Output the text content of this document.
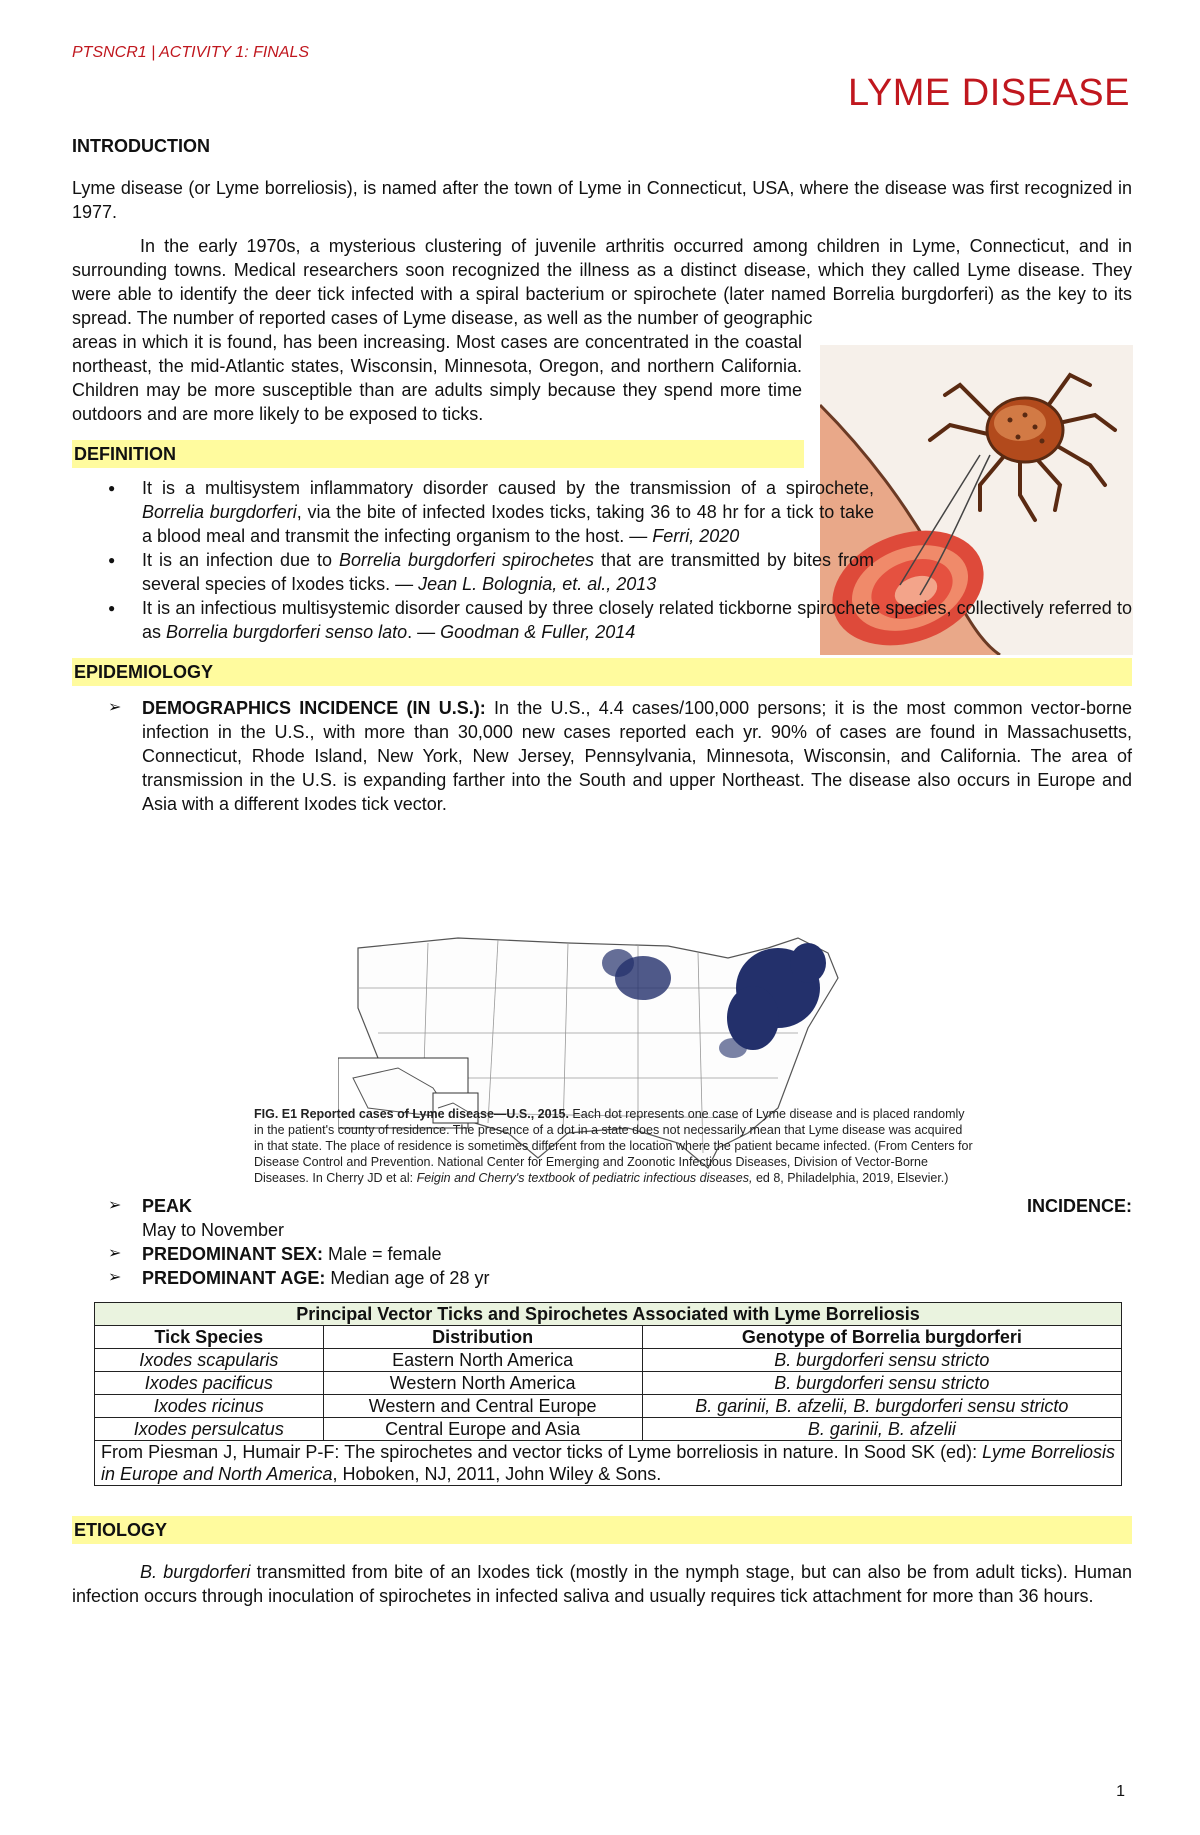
PTSNCR1 | ACTIVITY 1: FINALS
LYME DISEASE
INTRODUCTION

Lyme disease (or Lyme borreliosis), is named after the town of Lyme in Connecticut, USA, where the disease was first recognized in 1977.

In the early 1970s, a mysterious clustering of juvenile arthritis occurred among children in Lyme, Connecticut, and in surrounding towns. Medical researchers soon recognized the illness as a distinct disease, which they called Lyme disease. They were able to identify the deer tick infected with a spiral bacterium or spirochete (later named Borrelia burgdorferi) as the key to its spread. The number of reported cases of Lyme disease, as well as the number of geographic

areas in which it is found, has been increasing. Most cases are concentrated in the coastal northeast, the mid-Atlantic states, Wisconsin, Minnesota, Oregon, and northern California. Children may be more susceptible than are adults simply because they spend more time outdoors and are more likely to be exposed to ticks.

DEFINITION
● It is a multisystem inflammatory disorder caused by the transmission of a spirochete, Borrelia burgdorferi, via the bite of infected Ixodes ticks, taking 36 to 48 hr for a tick to take a blood meal and transmit the infecting organism to the host. — Ferri, 2020
● It is an infection due to Borrelia burgdorferi spirochetes that are transmitted by bites from several species of Ixodes ticks. — Jean L. Bolognia, et. al., 2013
● It is an infectious multisystemic disorder caused by three closely related tickborne spirochete species, collectively referred to as Borrelia burgdorferi senso lato. — Goodman & Fuller, 2014
EPIDEMIOLOGY
➢ DEMOGRAPHICS INCIDENCE (IN U.S.): In the U.S., 4.4 cases/100,000 persons; it is the most common vector-borne infection in the U.S., with more than 30,000 new cases reported each yr. 90% of cases are found in Massachusetts, Connecticut, Rhode Island, New York, New Jersey, Pennsylvania, Minnesota, Wisconsin, and California. The area of transmission in the U.S. is expanding farther into the South and upper Northeast. The disease also occurs in Europe and Asia with a different Ixodes tick vector.
FIG. E1 Reported cases of Lyme disease—U.S., 2015. Each dot represents one case of Lyme disease and is placed randomly in the patient's county of residence. The presence of a dot in a state does not necessarily mean that Lyme disease was acquired in that state. The place of residence is sometimes different from the location where the patient became infected. (From Centers for Disease Control and Prevention. National Center for Emerging and Zoonotic Infectious Diseases, Division of Vector-Borne Diseases. In Cherry JD et al: Feigin and Cherry's textbook of pediatric infectious diseases, ed 8, Philadelphia, 2019, Elsevier.)
➢ PEAK	INCIDENCE:
May to November
➢ PREDOMINANT SEX: Male = female
➢ PREDOMINANT AGE: Median age of 28 yr
Principal Vector Ticks and Spirochetes Associated with Lyme Borreliosis		
Tick Species	Distribution	Genotype of Borrelia burgdorferi
Ixodes scapularis	Eastern North America	B. burgdorferi sensu stricto
Ixodes pacificus	Western North America	B. burgdorferi sensu stricto
Ixodes ricinus	Western and Central Europe	B. garinii, B. afzelii, B. burgdorferi sensu stricto
Ixodes persulcatus	Central Europe and Asia	B. garinii, B. afzelii
From Piesman J, Humair P-F: The spirochetes and vector ticks of Lyme borreliosis in nature. In Sood SK (ed): Lyme Borreliosis in Europe and North America, Hoboken, NJ, 2011, John Wiley & Sons.		
ETIOLOGY

B. burgdorferi transmitted from bite of an Ixodes tick (mostly in the nymph stage, but can also be from adult ticks). Human infection occurs through inoculation of spirochetes in infected saliva and usually requires tick attachment for more than 36 hours.

1
